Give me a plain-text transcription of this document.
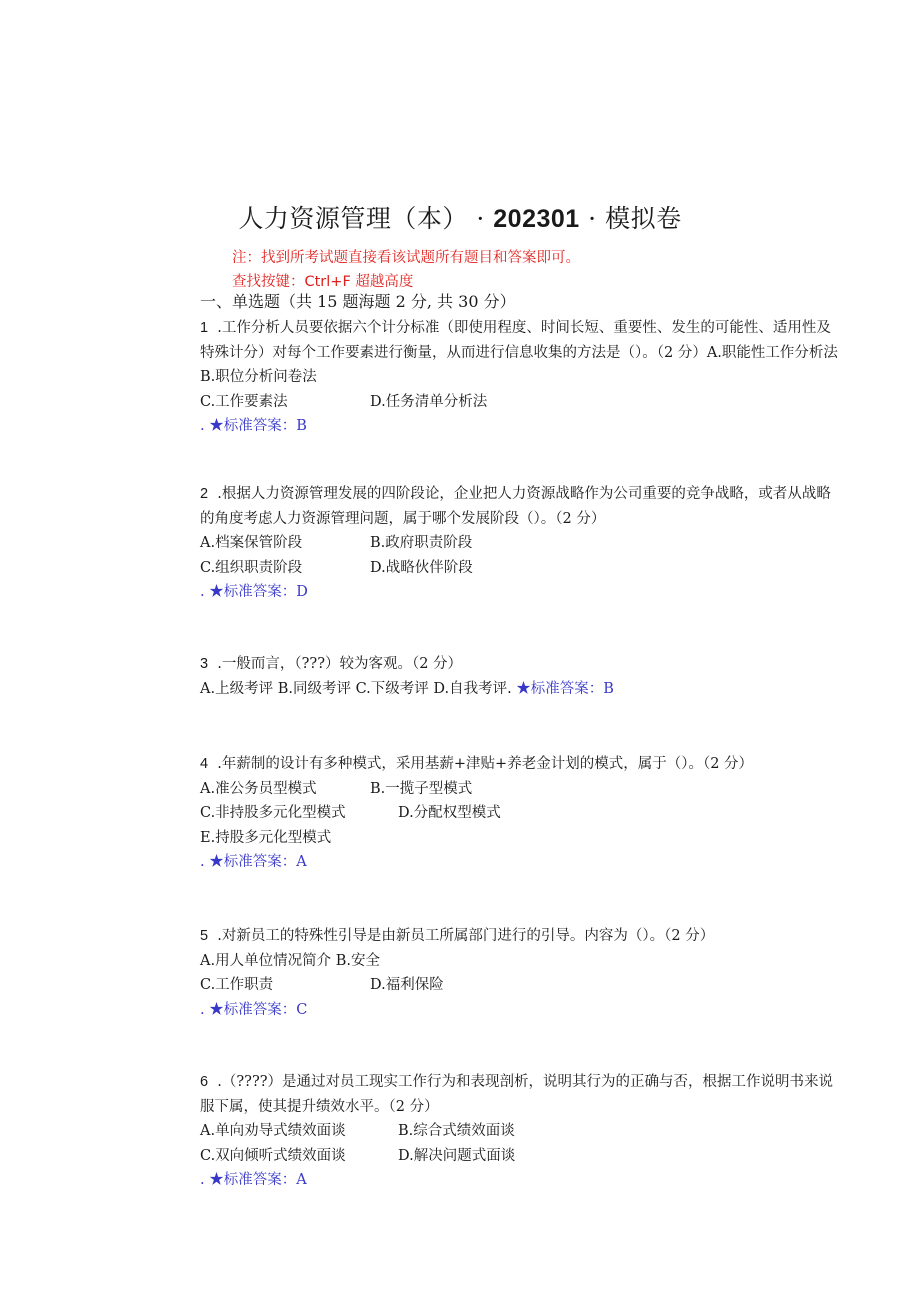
人力资源管理（本） · 202301 · 模拟卷
注：找到所考试题直接看该试题所有题目和答案即可。
查找按键：Ctrl+F 超越高度
一、单选题（共 15 题海题 2 分, 共 30 分）

1 .工作分析人员要依据六个计分标准（即使用程度、时间长短、重要性、发生的可能性、适用性及特殊计分）对每个工作要素进行衡量，从而进行信息收集的方法是（）。（2 分）A.职能性工作分析法 B.职位分析问卷法

C.工作要素法	D.任务清单分析法

. ★标准答案：B

2 .根据人力资源管理发展的四阶段论，企业把人力资源战略作为公司重要的竞争战略，或者从战略的角度考虑人力资源管理问题，属于哪个发展阶段（）。（2 分）

A.档案保管阶段	B.政府职责阶段

C.组织职责阶段	D.战略伙伴阶段

. ★标准答案：D

3 .一般而言，（???）较为客观。（2 分）

A.上级考评 B.同级考评 C.下级考评 D.自我考评. ★标准答案：B

4 .年薪制的设计有多种模式，采用基薪+津贴+养老金计划的模式，属于（）。（2 分）

A.准公务员型模式	B.一揽子型模式

C.非持股多元化型模式	D.分配权型模式

E.持股多元化型模式

. ★标准答案：A

5 .对新员工的特殊性引导是由新员工所属部门进行的引导。内容为（）。（2 分）

A.用人单位情况简介 B.安全

C.工作职责	D.福利保险

. ★标准答案：C

6 .（????）是通过对员工现实工作行为和表现剖析，说明其行为的正确与否，根据工作说明书来说服下属，使其提升绩效水平。（2 分）

A.单向劝导式绩效面谈	B.综合式绩效面谈

C.双向倾听式绩效面谈	D.解决问题式面谈

. ★标准答案：A
